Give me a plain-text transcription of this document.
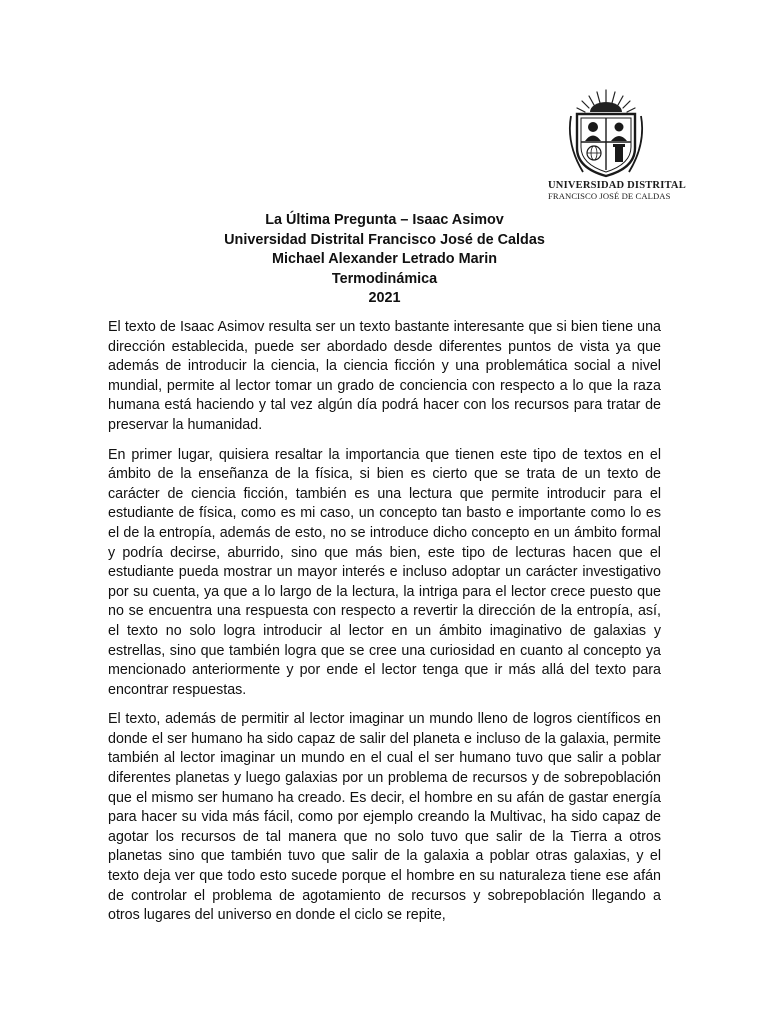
UNIVERSIDAD DISTRITAL
FRANCISCO JOSÉ DE CALDAS
La Última Pregunta – Isaac Asimov
Universidad Distrital Francisco José de Caldas
Michael Alexander Letrado Marin
Termodinámica
2021

El texto de Isaac Asimov resulta ser un texto bastante interesante que si bien tiene una dirección establecida, puede ser abordado desde diferentes puntos de vista ya que además de introducir la ciencia, la ciencia ficción y una problemática social a nivel mundial, permite al lector tomar un grado de conciencia con respecto a lo que la raza humana está haciendo y tal vez algún día podrá hacer con los recursos para tratar de preservar la humanidad.

En primer lugar, quisiera resaltar la importancia que tienen este tipo de textos en el ámbito de la enseñanza de la física, si bien es cierto que se trata de un texto de carácter de ciencia ficción, también es una lectura que permite introducir para el estudiante de física, como es mi caso, un concepto tan basto e importante como lo es el de la entropía, además de esto, no se introduce dicho concepto en un ámbito formal y podría decirse, aburrido, sino que más bien, este tipo de lecturas hacen que el estudiante pueda mostrar un mayor interés e incluso adoptar un carácter investigativo por su cuenta, ya que a lo largo de la lectura, la intriga para el lector crece puesto que no se encuentra una respuesta con respecto a revertir la dirección de la entropía, así, el texto no solo logra introducir al lector en un ámbito imaginativo de galaxias y estrellas, sino que también logra que se cree una curiosidad en cuanto al concepto ya mencionado anteriormente y por ende el lector tenga que ir más allá del texto para encontrar respuestas.

El texto, además de permitir al lector imaginar un mundo lleno de logros científicos en donde el ser humano ha sido capaz de salir del planeta e incluso de la galaxia, permite también al lector imaginar un mundo en el cual el ser humano tuvo que salir a poblar diferentes planetas y luego galaxias por un problema de recursos y de sobrepoblación que el mismo ser humano ha creado. Es decir, el hombre en su afán de gastar energía para hacer su vida más fácil, como por ejemplo creando la Multivac, ha sido capaz de agotar los recursos de tal manera que no solo tuvo que salir de la Tierra a otros planetas sino que también tuvo que salir de la galaxia a poblar otras galaxias, y el texto deja ver que todo esto sucede porque el hombre en su naturaleza tiene ese afán de controlar el problema de agotamiento de recursos y sobrepoblación llegando a otros lugares del universo en donde el ciclo se repite,
